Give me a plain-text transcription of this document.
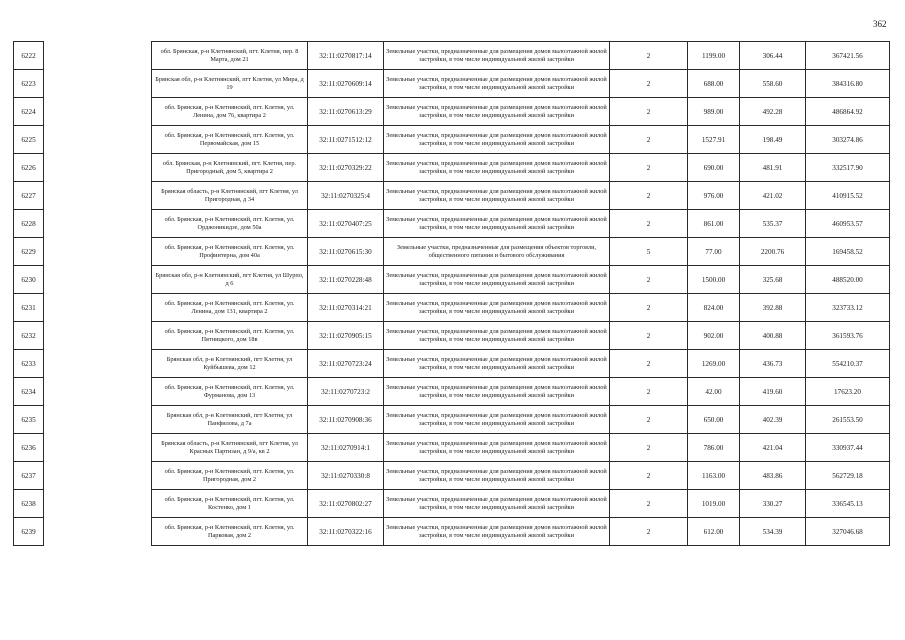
362
6222		обл. Брянская, р-н Клетнянский, пгт. Клетня, пер. 8 Марта, дом 21	32:11:0270817:14	Земельные участки, предназначенные для размещения домов малоэтажной жилой застройки, в том числе индивидуальной жилой застройки	2	1199.00	306.44	367421.56
6223		Брянская обл, р-н Клетнянский, пгт Клетня, ул Мира, д 19	32:11:0270609:14	Земельные участки, предназначенные для размещения домов малоэтажной жилой застройки, в том числе индивидуальной жилой застройки	2	688.00	558.60	384316.80
6224		обл. Брянская, р-н Клетнянский, пгт. Клетня, ул. Ленина, дом 76, квартира 2	32:11:0270613:29	Земельные участки, предназначенные для размещения домов малоэтажной жилой застройки, в том числе индивидуальной жилой застройки	2	989.00	492.28	486864.92
6225		обл. Брянская, р-н Клетнянский, пгт. Клетня, ул. Первомайская, дом 15	32:11:0271512:12	Земельные участки, предназначенные для размещения домов малоэтажной жилой застройки, в том числе индивидуальной жилой застройки	2	1527.91	198.49	303274.86
6226		обл. Брянская, р-н Клетнянский, пгт. Клетня, пер. Пригородный, дом 5, квартира 2	32:11:0270329:22	Земельные участки, предназначенные для размещения домов малоэтажной жилой застройки, в том числе индивидуальной жилой застройки	2	690.00	481.91	332517.90
6227		Брянская область, р-н Клетнянский, пгт Клетня, ул Пригородная, д 34	32:11:0270325:4	Земельные участки, предназначенные для размещения домов малоэтажной жилой застройки, в том числе индивидуальной жилой застройки	2	976.00	421.02	410915.52
6228		обл. Брянская, р-н Клетнянский, пгт. Клетня, ул. Орджоникидзе, дом 50а	32:11:0270407:25	Земельные участки, предназначенные для размещения домов малоэтажной жилой застройки, в том числе индивидуальной жилой застройки	2	861.00	535.37	460953.57
6229		обл. Брянская, р-н Клетнянский, пгт. Клетня, ул. Профинтерна, дом 40а	32:11:0270615:30	Земельные участки, предназначенные для размещения объектов торговли, общественного питания и бытового обслуживания	5	77.00	2200.76	169458.52
6230		Брянская обл, р-н Клетнянский, пгт Клетня, ул Шурпо, д 6	32:11:0270228:48	Земельные участки, предназначенные для размещения домов малоэтажной жилой застройки, в том числе индивидуальной жилой застройки	2	1500.00	325.68	488520.00
6231		обл. Брянская, р-н Клетнянский, пгт. Клетня, ул. Ленина, дом 131, квартира 2	32:11:0270314:21	Земельные участки, предназначенные для размещения домов малоэтажной жилой застройки, в том числе индивидуальной жилой застройки	2	824.00	392.88	323733.12
6232		обл. Брянская, р-н Клетнянский, пгт. Клетня, ул. Пятницкого, дом 18в	32:11:0270905:15	Земельные участки, предназначенные для размещения домов малоэтажной жилой застройки, в том числе индивидуальной жилой застройки	2	902.00	400.88	361593.76
6233		Брянская обл, р-н Клетнянский, пгт Клетня, ул Куйбышева, дом 12	32:11:0270723:24	Земельные участки, предназначенные для размещения домов малоэтажной жилой застройки, в том числе индивидуальной жилой застройки	2	1269.00	436.73	554210.37
6234		обл. Брянская, р-н Клетнянский, пгт. Клетня, ул. Фурманова, дом 13	32:11:0270723:2	Земельные участки, предназначенные для размещения домов малоэтажной жилой застройки, в том числе индивидуальной жилой застройки	2	42.00	419.60	17623.20
6235		Брянская обл, р-н Клетнянский, пгт Клетня, ул Панфилова, д 7а	32:11:0270908:36	Земельные участки, предназначенные для размещения домов малоэтажной жилой застройки, в том числе индивидуальной жилой застройки	2	650.00	402.39	261553.50
6236		Брянская область, р-н Клетнянский, пгт Клетня, ул Красных Партизан, д 9/а, кв 2	32:11:0270914:1	Земельные участки, предназначенные для размещения домов малоэтажной жилой застройки, в том числе индивидуальной жилой застройки	2	786.00	421.04	330937.44
6237		обл. Брянская, р-н Клетнянский, пгт. Клетня, ул. Пригородная, дом 2	32:11:0270330:8	Земельные участки, предназначенные для размещения домов малоэтажной жилой застройки, в том числе индивидуальной жилой застройки	2	1163.00	483.86	562729.18
6238		обл. Брянская, р-н Клетнянский, пгт. Клетня, ул. Костенко, дом 1	32:11:0270802:27	Земельные участки, предназначенные для размещения домов малоэтажной жилой застройки, в том числе индивидуальной жилой застройки	2	1019.00	330.27	336545.13
6239		обл. Брянская, р-н Клетнянский, пгт. Клетня, ул. Парковая, дом 2	32:11:0270322:16	Земельные участки, предназначенные для размещения домов малоэтажной жилой застройки, в том числе индивидуальной жилой застройки	2	612.00	534.39	327046.68
